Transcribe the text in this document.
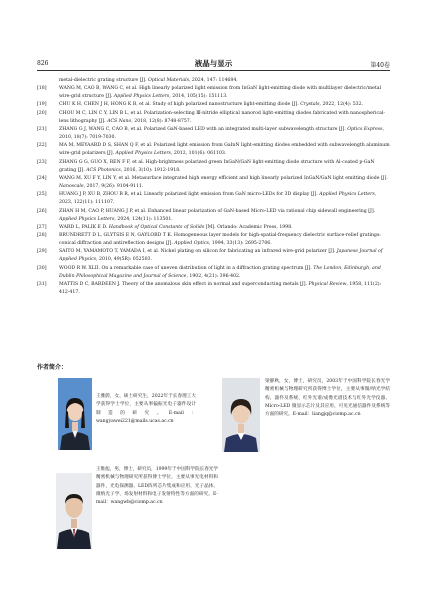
826	液晶与显示	第40卷
metal-dielectric grating structure [J]. Optical Materials, 2024, 147: 114684.
[18]	WANG M, CAO B, WANG C, et al. High linearly polarized light emission from InGaN light-emitting diode with multilayer dielectric/metal wire-grid structure [J]. Applied Physics Letters, 2014, 105(15): 151113.
[19]	CHU K H, CHEN J H, HONG K B, et al. Study of high polarized nanostructure light-emitting diode [J]. Crystals, 2022, 12(4): 532.
[20]	CHOU M C, LIN C Y, LIN B L, et al. Polarization-selecting Ⅲ-nitride elliptical nanorod light-emitting diodes fabricated with nanospherical-lens lithography [J]. ACS Nano, 2018, 12(8): 8748-8757.
[21]	ZHANG G J, WANG C, CAO B, et al. Polarized GaN-based LED with an integrated multi-layer subwavelength structure [J]. Optics Express, 2010, 18(7): 7019-7030.
[22]	MA M, MEYAARD D S, SHAN Q F, et al. Polarized light emission from GaInN light-emitting diodes embedded with subwavelength aluminum wire-grid polarizers [J]. Applied Physics Letters, 2012, 101(6): 061103.
[23]	ZHANG G G, GUO X, REN F F, et al. High-brightness polarized green InGaN/GaN light-emitting diode structure with Al-coated p-GaN grating [J]. ACS Photonics, 2016, 3(10): 1912-1918.
[24]	WANG M, XU F Y, LIN Y, et al. Metasurface integrated high energy efficient and high linearly polarized InGaN/GaN light emitting diode [J]. Nanoscale, 2017, 9(26): 9104-9111.
[25]	HUANG J P, XU B, ZHOU B R, et al. Linearly polarized light emission from GaN micro-LEDs for 3D display [J]. Applied Physics Letters, 2023, 122(11): 111107.
[26]	ZHAN H M, CAO P, HUANG J P, et al. Enhanced linear polarization of GaN-based Micro-LED via rational chip sidewall engineering [J]. Applied Physics Letters, 2024, 124(11): 113501.
[27]	WARD L, PALIK E D. Handbook of Optical Constants of Solids [M]. Orlando: Academic Press, 1998.
[28]	BRUNDRETT D L, GLYTSIS E N, GAYLORD T K. Homogeneous layer models for high-spatial-frequency dielectric surface-relief gratings: conical diffraction and antireflection designs [J]. Applied Optics, 1994, 33(13): 2695-2706.
[29]	SAITO M, YAMAMOTO T, YAMADA I, et al. Nickel plating on silicon for fabricating an infrared wire-grid polarizer [J]. Japanese Journal of Applied Physics, 2010, 49(5R): 052503.
[30]	WOOD R W. XLII. On a remarkable case of uneven distribution of light in a diffraction grating spectrum [J]. The London, Edinburgh, and Dublin Philosophical Magazine and Journal of Science, 1902, 4(21): 396-402.
[31]	MATTIS D C, BARDEEN J. Theory of the anomalous skin effect in normal and superconducting metals [J]. Physical Review, 1958, 111(2): 412-417.
作者简介：
王雅蔚，女，硕士研究生，2022年于长春理工大学获得学士学位，主要从事偏振光电子器件设计制造的研究。E-mail：wangyawei221@mails.ucas.ac.cn
梁静秋，女，博士，研究员，2003年于中国科学院长春光学精密机械与物理研究所获得博士学位，主要从事微/纳光学结构、器件及系统、红外光谱/成像光谱技术与红外光学仪器、Micro-LED 微显示芯片及其应用、可见光通信器件及系统等方面的研究。E-mail：liangjq@ciomp.ac.cn
王惟彪，男，博士，研究员，1999年于中国科学院长春光学精密机械与物理研究所获得博士学位，主要从事光电材料和器件、光电探测器、LED阵列芯片集成和应用、光子晶体、微纳光子学、场发射材料和电子发射特性等方面的研究。E-mail：wangwb@ciomp.ac.cn
